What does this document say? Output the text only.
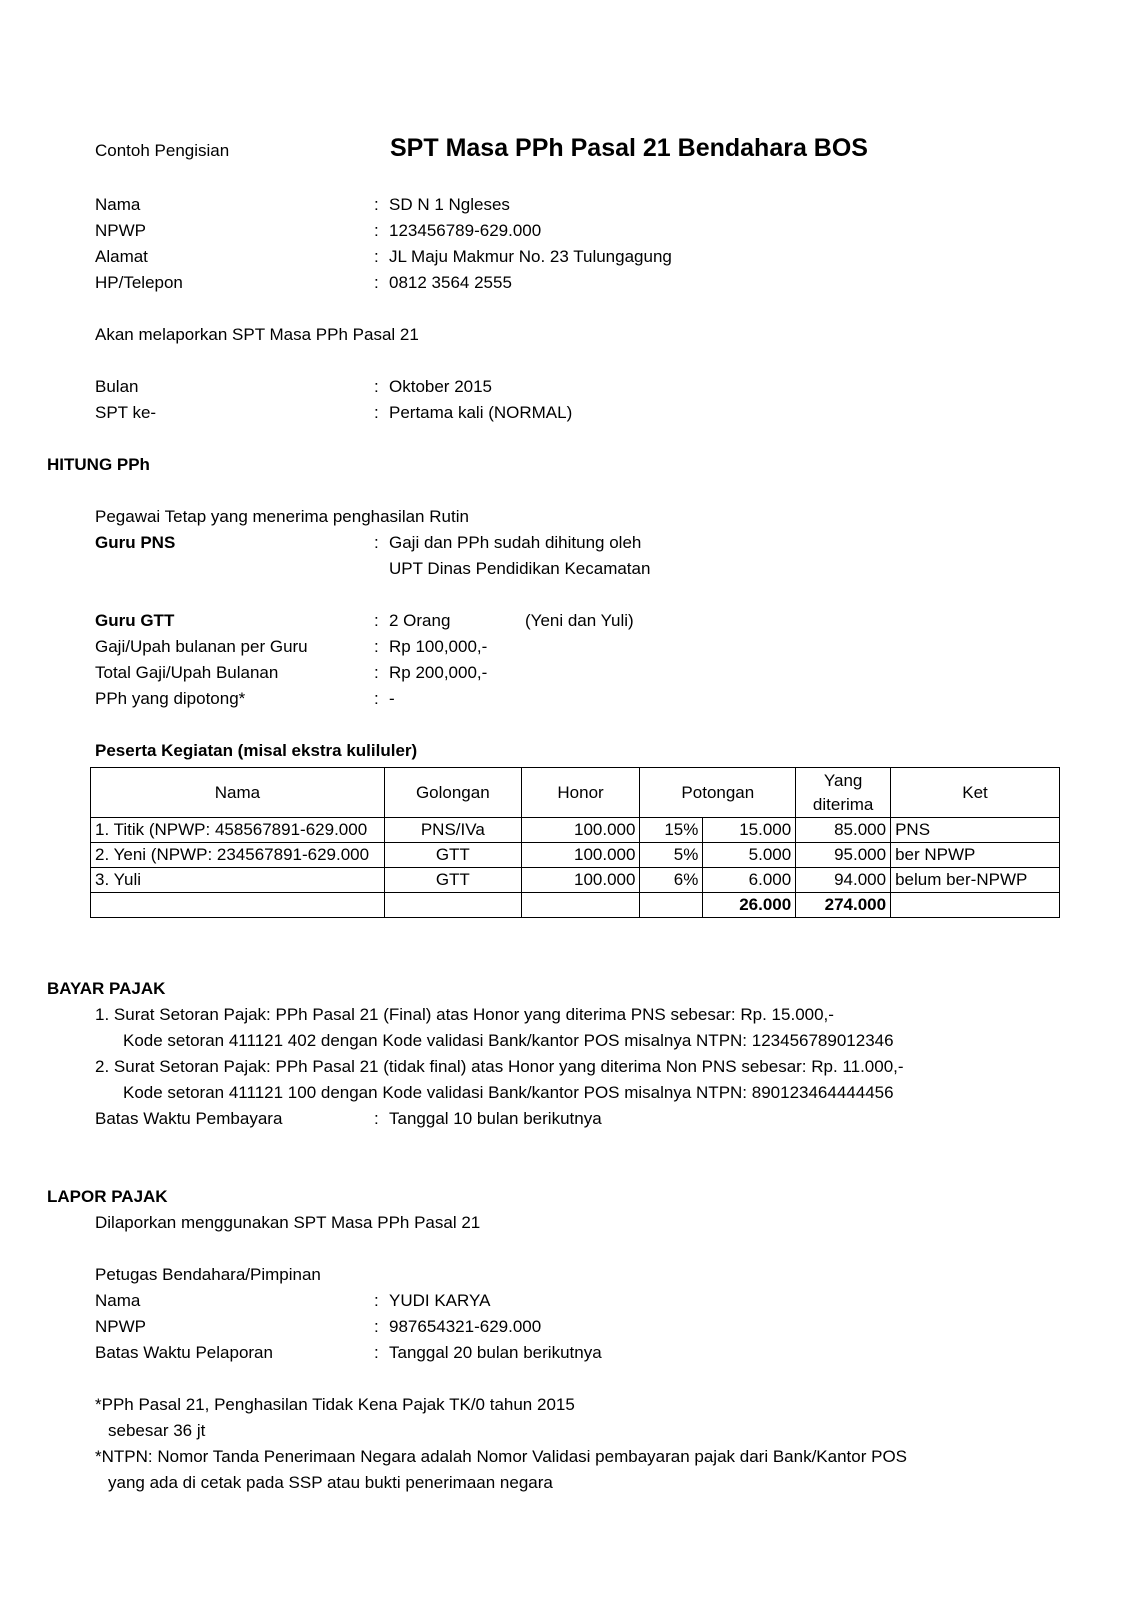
Contoh Pengisian	SPT Masa PPh Pasal 21 Bendahara BOS
Nama	: SD N 1 Ngleses
NPWP	: 123456789-629.000
Alamat	: JL Maju Makmur No. 23 Tulungagung
HP/Telepon	: 0812 3564 2555
Akan melaporkan SPT Masa PPh Pasal 21
Bulan	: Oktober 2015
SPT ke-	: Pertama kali (NORMAL)
HITUNG PPh
Pegawai Tetap yang menerima penghasilan Rutin
Guru PNS	: Gaji dan PPh sudah dihitung oleh
UPT Dinas Pendidikan Kecamatan
Guru GTT	: 2 Orang	(Yeni dan Yuli)
Gaji/Upah bulanan per Guru	: Rp 100,000,-
Total Gaji/Upah Bulanan	: Rp 200,000,-
PPh yang dipotong*	: -
Peserta Kegiatan (misal ekstra kuliluler)
Nama	Golongan	Honor	Potongan		Yang diterima	Ket
1. Titik (NPWP: 458567891-629.000	PNS/IVa	100.000	15%	15.000	85.000	PNS
2. Yeni (NPWP: 234567891-629.000	GTT	100.000	5%	5.000	95.000	ber NPWP
3. Yuli	GTT	100.000	6%	6.000	94.000	belum ber-NPWP
				26.000	274.000	
BAYAR PAJAK
1. Surat Setoran Pajak: PPh Pasal 21 (Final) atas Honor yang diterima PNS sebesar: Rp. 15.000,-
Kode setoran 411121 402 dengan Kode validasi Bank/kantor POS misalnya NTPN: 123456789012346
2. Surat Setoran Pajak: PPh Pasal 21 (tidak final) atas Honor yang diterima Non PNS sebesar: Rp. 11.000,-
Kode setoran 411121 100 dengan Kode validasi Bank/kantor POS misalnya NTPN: 890123464444456
Batas Waktu Pembayara	: Tanggal 10 bulan berikutnya
LAPOR PAJAK
Dilaporkan menggunakan SPT Masa PPh Pasal 21
Petugas Bendahara/Pimpinan
Nama	: YUDI KARYA
NPWP	: 987654321-629.000
Batas Waktu Pelaporan	: Tanggal 20 bulan berikutnya
*PPh Pasal 21, Penghasilan Tidak Kena Pajak TK/0 tahun 2015
sebesar 36 jt
*NTPN: Nomor Tanda Penerimaan Negara adalah Nomor Validasi pembayaran pajak dari Bank/Kantor POS
yang ada di cetak pada SSP atau bukti penerimaan negara
